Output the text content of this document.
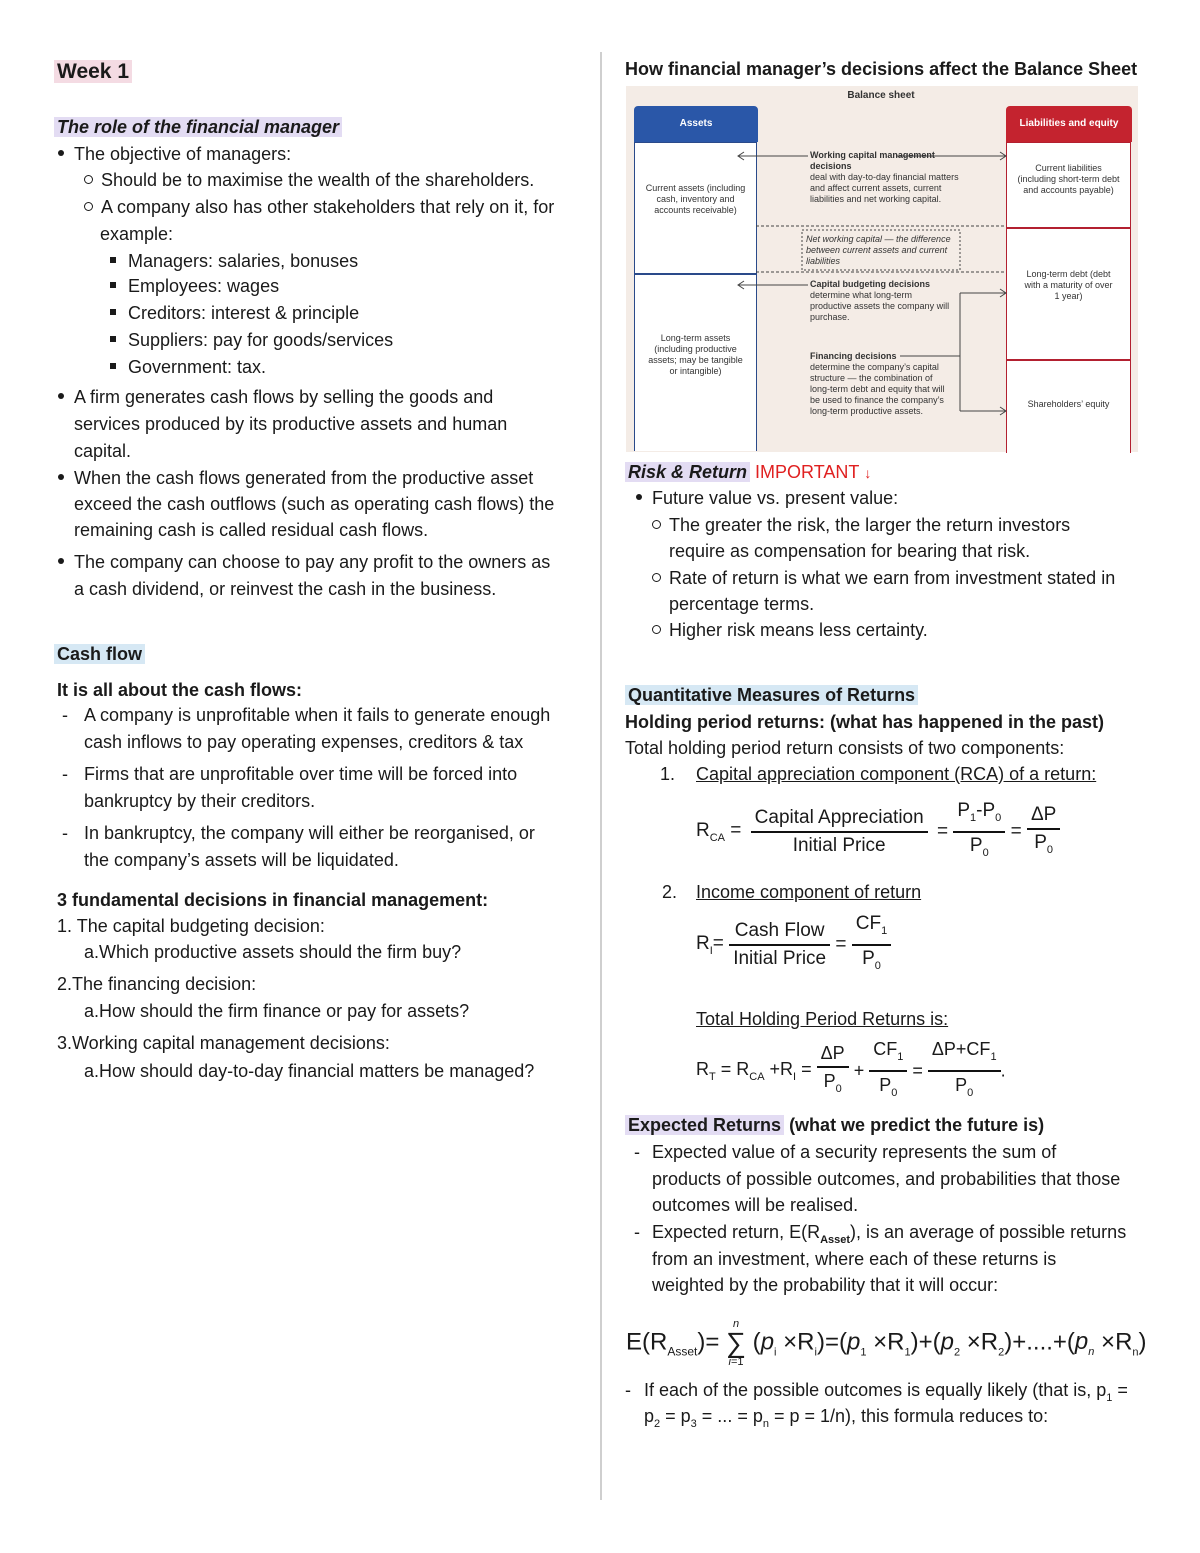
Week 1
The role of the financial manager
The objective of managers:
Should be to maximise the wealth of the shareholders.
A company also has other stakeholders that rely on it, for
example:
Managers: salaries, bonuses
Employees: wages
Creditors: interest & principle
Suppliers: pay for goods/services
Government: tax.
A firm generates cash flows by selling the goods and
services produced by its productive assets and human
capital.
When the cash flows generated from the productive asset
exceed the cash outflows (such as operating cash flows) the
remaining cash is called residual cash flows.
The company can choose to pay any profit to the owners as
a cash dividend, or reinvest the cash in the business.
Cash flow
It is all about the cash flows:
- A company is unprofitable when it fails to generate enough
cash inflows to pay operating expenses, creditors & tax
- Firms that are unprofitable over time will be forced into
bankruptcy by their creditors.
- In bankruptcy, the company will either be reorganised, or
the company’s assets will be liquidated.
3 fundamental decisions in financial management:
1. The capital budgeting decision:
a.Which productive assets should the firm buy?
2.The financing decision:
a.How should the firm finance or pay for assets?
3.Working capital management decisions:
a.How should day-to-day financial matters be managed?
How financial manager’s decisions affect the Balance Sheet
Balance sheet
Assets
Current assets (including cash, inventory and accounts receivable)
Long-term assets (including productive assets; may be tangible or intangible)
Liabilities and equity
Current liabilities (including short-term debt and accounts payable)
Long-term debt (debt with a maturity of over 1 year)
Shareholders’ equity
Working capital management decisions
deal with day-to-day financial matters and affect current assets, current liabilities and net working capital.
Net working capital — the difference between current assets and current liabilities
Capital budgeting decisions
determine what long-term productive assets the company will purchase.
Financing decisions
determine the company’s capital structure — the combination of long-term debt and equity that will be used to finance the company’s long-term productive assets.
Risk & Return IMPORTANT ↓
Future value vs. present value:
The greater the risk, the larger the return investors
require as compensation for bearing that risk.
Rate of return is what we earn from investment stated in
percentage terms.
Higher risk means less certainty.
Quantitative Measures of Returns
Holding period returns: (what has happened in the past)
Total holding period return consists of two components:
1. Capital appreciation component (RCA) of a return:
$R_{CA} = \frac{\text{Capital Appreciation}}{\text{Initial Price}} = \frac{P_1-P_0}{P_0} = \frac{\Delta P}{P_0}$
2. Income component of return
$R_I= \frac{\text{Cash Flow}}{\text{Initial Price}} = \frac{CF_1}{P_0}$
Total Holding Period Returns is:
$R_T = R_{CA} +R_I = \frac{\Delta P}{P_0} + \frac{CF_1}{P_0} = \frac{\Delta P+CF_1}{P_0}$ .
Expected Returns (what we predict the future is)
- Expected value of a security represents the sum of
products of possible outcomes, and probabilities that those
outcomes will be realised.
- Expected return, $E(R_{Asset})$, is an average of possible returns
from an investment, where each of these returns is
weighted by the probability that it will occur:
$E(R_{Asset})=$
n
∑
i=1
$(p_i \times R_i)=(p_1 \times R_1)+(p_2 \times R_2)+....+(p_n \times R_n)$
- If each of the possible outcomes is equally likely (that is, $p_1$ =
$p_2 = p_3$ = ... = $p_n = p = 1/n$), this formula reduces to:
